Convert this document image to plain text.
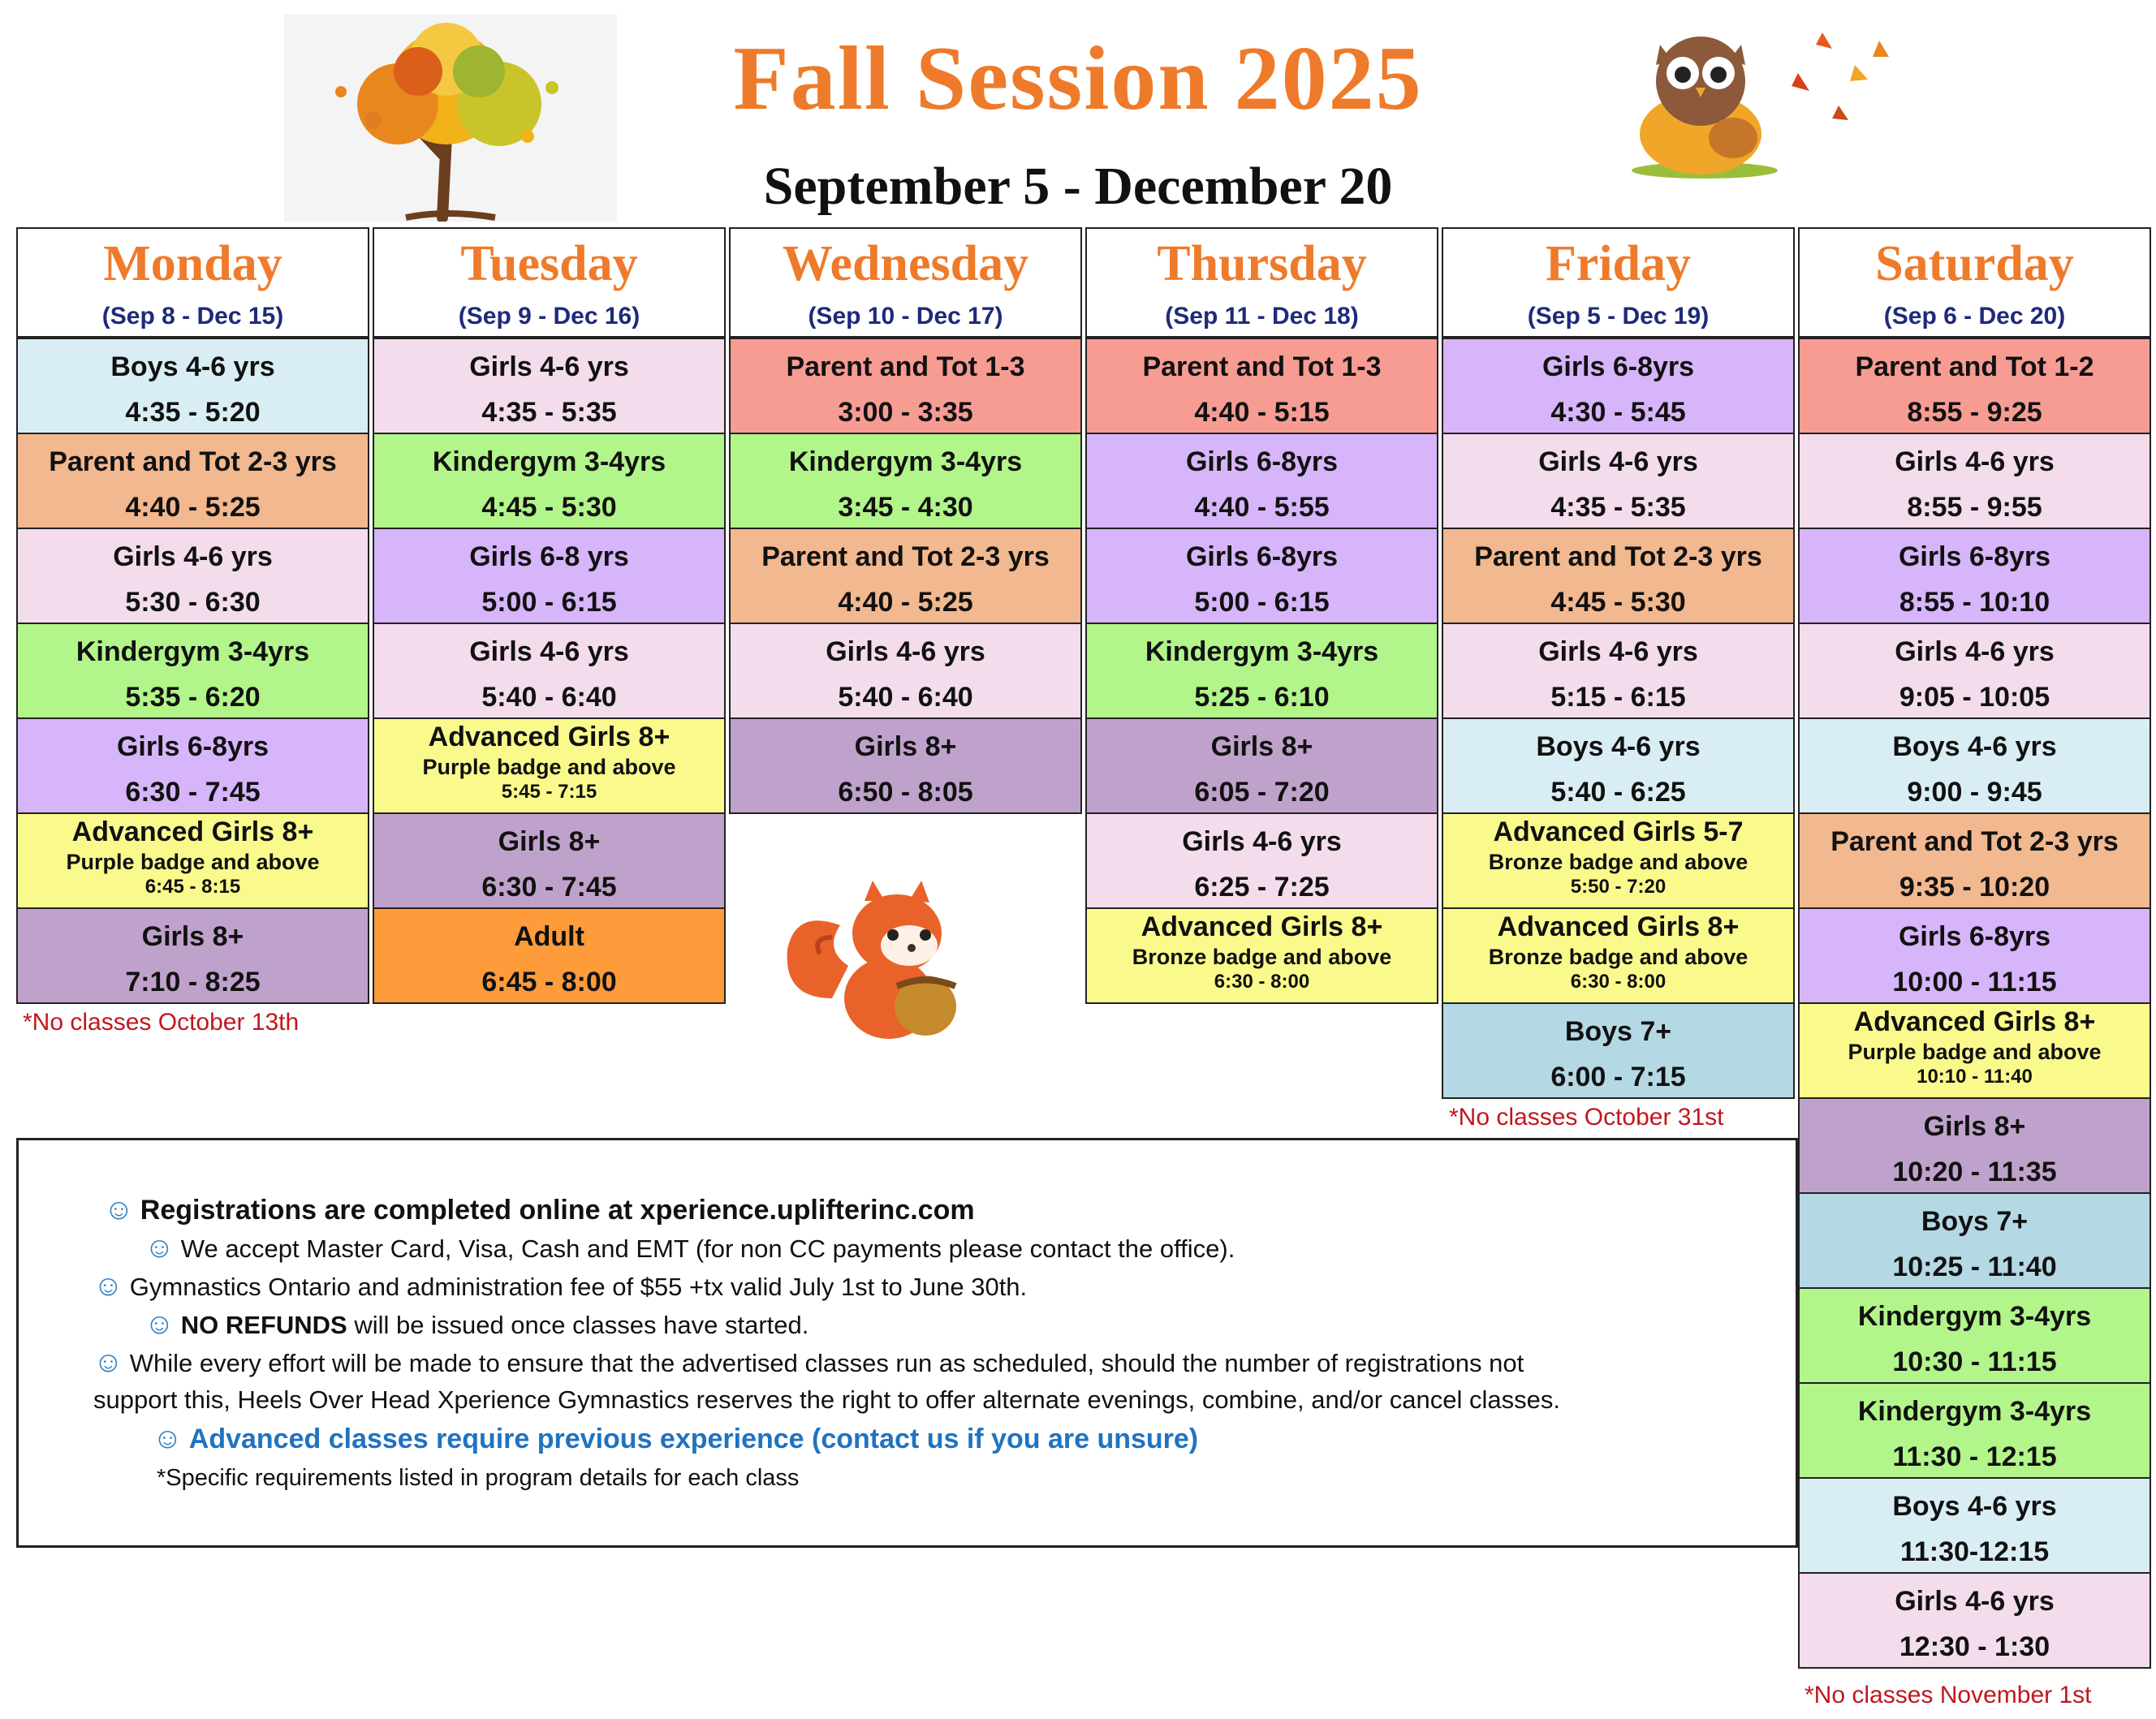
Fall Session 2025
September 5 - December 20
Monday
(Sep 8 - Dec 15)
Tuesday
(Sep 9 - Dec 16)
Wednesday
(Sep 10 - Dec 17)
Thursday
(Sep 11 - Dec 18)
Friday
(Sep 5 - Dec 19)
Saturday
(Sep 6 - Dec 20)
Boys 4-6 yrs
4:35 - 5:20
Parent and Tot 2-3 yrs
4:40 - 5:25
Girls 4-6 yrs
5:30 - 6:30
Kindergym 3-4yrs
5:35 - 6:20
Girls 6-8yrs
6:30 - 7:45
Advanced Girls 8+
Purple badge and above
6:45 - 8:15
Girls 8+
7:10 - 8:25
Girls 4-6 yrs
4:35 - 5:35
Kindergym 3-4yrs
4:45 - 5:30
Girls 6-8 yrs
5:00 - 6:15
Girls 4-6 yrs
5:40 - 6:40
Advanced Girls 8+
Purple badge and above
5:45 - 7:15
Girls 8+
6:30 - 7:45
Adult
6:45 - 8:00
Parent and Tot 1-3
3:00 - 3:35
Kindergym 3-4yrs
3:45 - 4:30
Parent and Tot 2-3 yrs
4:40 - 5:25
Girls 4-6 yrs
5:40 - 6:40
Girls 8+
6:50 - 8:05
Parent and Tot 1-3
4:40 - 5:15
Girls 6-8yrs
4:40 - 5:55
Girls 6-8yrs
5:00 - 6:15
Kindergym 3-4yrs
5:25 - 6:10
Girls 8+
6:05 - 7:20
Girls 4-6 yrs
6:25 - 7:25
Advanced Girls 8+
Bronze badge and above
6:30 - 8:00
Girls 6-8yrs
4:30 - 5:45
Girls 4-6 yrs
4:35 - 5:35
Parent and Tot 2-3 yrs
4:45 - 5:30
Girls 4-6 yrs
5:15 - 6:15
Boys 4-6 yrs
5:40 - 6:25
Advanced Girls 5-7
Bronze badge and above
5:50 - 7:20
Advanced Girls 8+
Bronze badge and above
6:30 - 8:00
Boys 7+
6:00 - 7:15
Parent and Tot 1-2
8:55 - 9:25
Girls 4-6 yrs
8:55 - 9:55
Girls 6-8yrs
8:55 - 10:10
Girls 4-6 yrs
9:05 - 10:05
Boys 4-6 yrs
9:00 - 9:45
Parent and Tot 2-3 yrs
9:35 - 10:20
Girls 6-8yrs
10:00 - 11:15
Advanced Girls 8+
Purple badge and above
10:10 - 11:40
Girls 8+
10:20 - 11:35
Boys 7+
10:25 - 11:40
Kindergym 3-4yrs
10:30 - 11:15
Kindergym 3-4yrs
11:30 - 12:15
Boys 4-6 yrs
11:30-12:15
Girls 4-6 yrs
12:30 - 1:30
*No classes October 13th
*No classes October 31st
*No classes November 1st
☺ Registrations are completed online at xperience.uplifterinc.com
☺ We accept Master Card, Visa, Cash and EMT (for non CC payments please contact the office).
☺ Gymnastics Ontario and administration fee of $55 +tx valid July 1st to June 30th.
☺ NO REFUNDS will be issued once classes have started.
☺ While every effort will be made to ensure that the advertised classes run as scheduled, should the number of registrations not
support this, Heels Over Head Xperience Gymnastics reserves the right to offer alternate evenings, combine, and/or cancel classes.
☺ Advanced classes require previous experience (contact us if you are unsure)
*Specific requirements listed in program details for each class
